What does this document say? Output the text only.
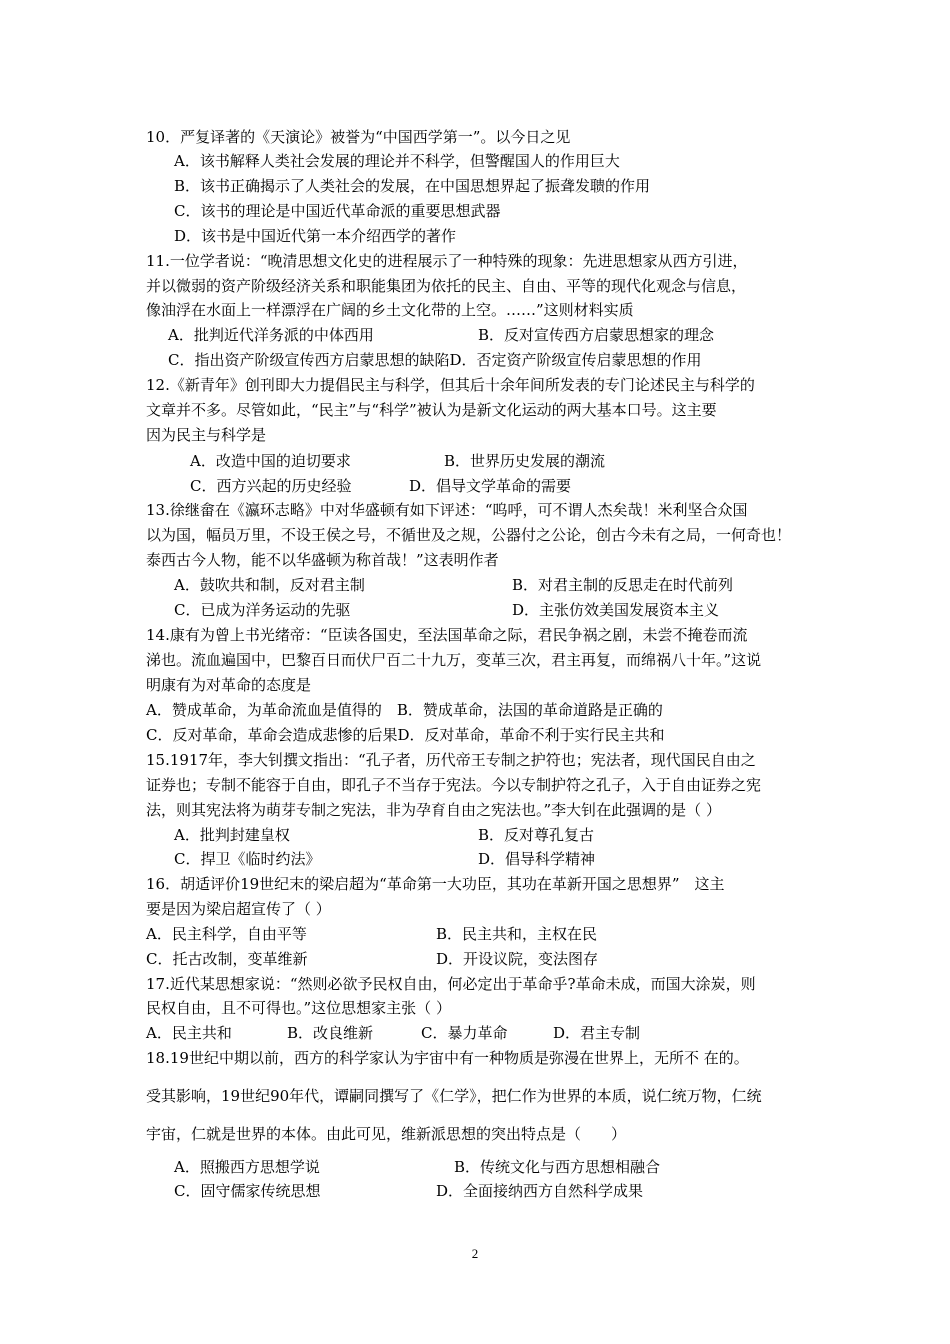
10．严复译著的《天演论》被誉为“中国西学第一”。以今日之见
A．该书解释人类社会发展的理论并不科学，但警醒国人的作用巨大
B．该书正确揭示了人类社会的发展，在中国思想界起了振聋发聩的作用
C．该书的理论是中国近代革命派的重要思想武器
D．该书是中国近代第一本介绍西学的著作
11.一位学者说：“晚清思想文化史的进程展示了一种特殊的现象：先进思想家从西方引进，
并以微弱的资产阶级经济关系和职能集团为依托的民主、自由、平等的现代化观念与信息，
像油浮在水面上一样漂浮在广阔的乡土文化带的上空。……”这则材料实质
A．批判近代洋务派的中体西用	B．反对宣传西方启蒙思想家的理念
C．指出资产阶级宣传西方启蒙思想的缺陷D．否定资产阶级宣传启蒙思想的作用
12.《新青年》创刊即大力提倡民主与科学，但其后十余年间所发表的专门论述民主与科学的
文章并不多。尽管如此，“民主”与“科学”被认为是新文化运动的两大基本口号。这主要
因为民主与科学是
A．改造中国的迫切要求	B．世界历史发展的潮流
C．西方兴起的历史经验	D．倡导文学革命的需要
13.徐继畲在《瀛环志略》中对华盛顿有如下评述：“呜呼，可不谓人杰矣哉！米利坚合众国
以为国，幅员万里，不设王侯之号，不循世及之规，公器付之公论，创古今未有之局，一何奇也！
泰西古今人物，能不以华盛顿为称首哉！”这表明作者
A．鼓吹共和制，反对君主制	B．对君主制的反思走在时代前列
C．已成为洋务运动的先驱	D．主张仿效美国发展资本主义
14.康有为曾上书光绪帝：“臣读各国史，至法国革命之际，君民争祸之剧，未尝不掩卷而流
涕也。流血遍国中，巴黎百日而伏尸百二十九万，变革三次，君主再复，而绵祸八十年。”这说
明康有为对革命的态度是
A．赞成革命，为革命流血是值得的　B．赞成革命，法国的革命道路是正确的
C．反对革命，革命会造成悲惨的后果D．反对革命，革命不利于实行民主共和
15.1917年，李大钊撰文指出：“孔子者，历代帝王专制之护符也；宪法者，现代国民自由之
证券也；专制不能容于自由，即孔子不当存于宪法。今以专制护符之孔子，入于自由证券之宪
法，则其宪法将为萌芽专制之宪法，非为孕育自由之宪法也。”李大钊在此强调的是（ ）
A．批判封建皇权	B．反对尊孔复古
C．捍卫《临时约法》	D．倡导科学精神
16．胡适评价19世纪末的梁启超为“革命第一大功臣，其功在革新开国之思想界”　这主
要是因为梁启超宣传了（ ）
A．民主科学，自由平等	B．民主共和，主权在民
C．托古改制，变革维新	D．开设议院，变法图存
17.近代某思想家说：“然则必欲予民权自由，何必定出于革命乎?革命未成，而国大涂炭，则
民权自由，且不可得也。”这位思想家主张（ ）
A．民主共和	B．改良维新	C．暴力革命	D．君主专制
18.19世纪中期以前，西方的科学家认为宇宙中有一种物质是弥漫在世界上，无所不 在的。
受其影响，19世纪90年代，谭嗣同撰写了《仁学》，把仁作为世界的本质，说仁统万物，仁统
宇宙，仁就是世界的本体。由此可见，维新派思想的突出特点是（　　）
A．照搬西方思想学说	B．传统文化与西方思想相融合
C．固守儒家传统思想	D．全面接纳西方自然科学成果
2
